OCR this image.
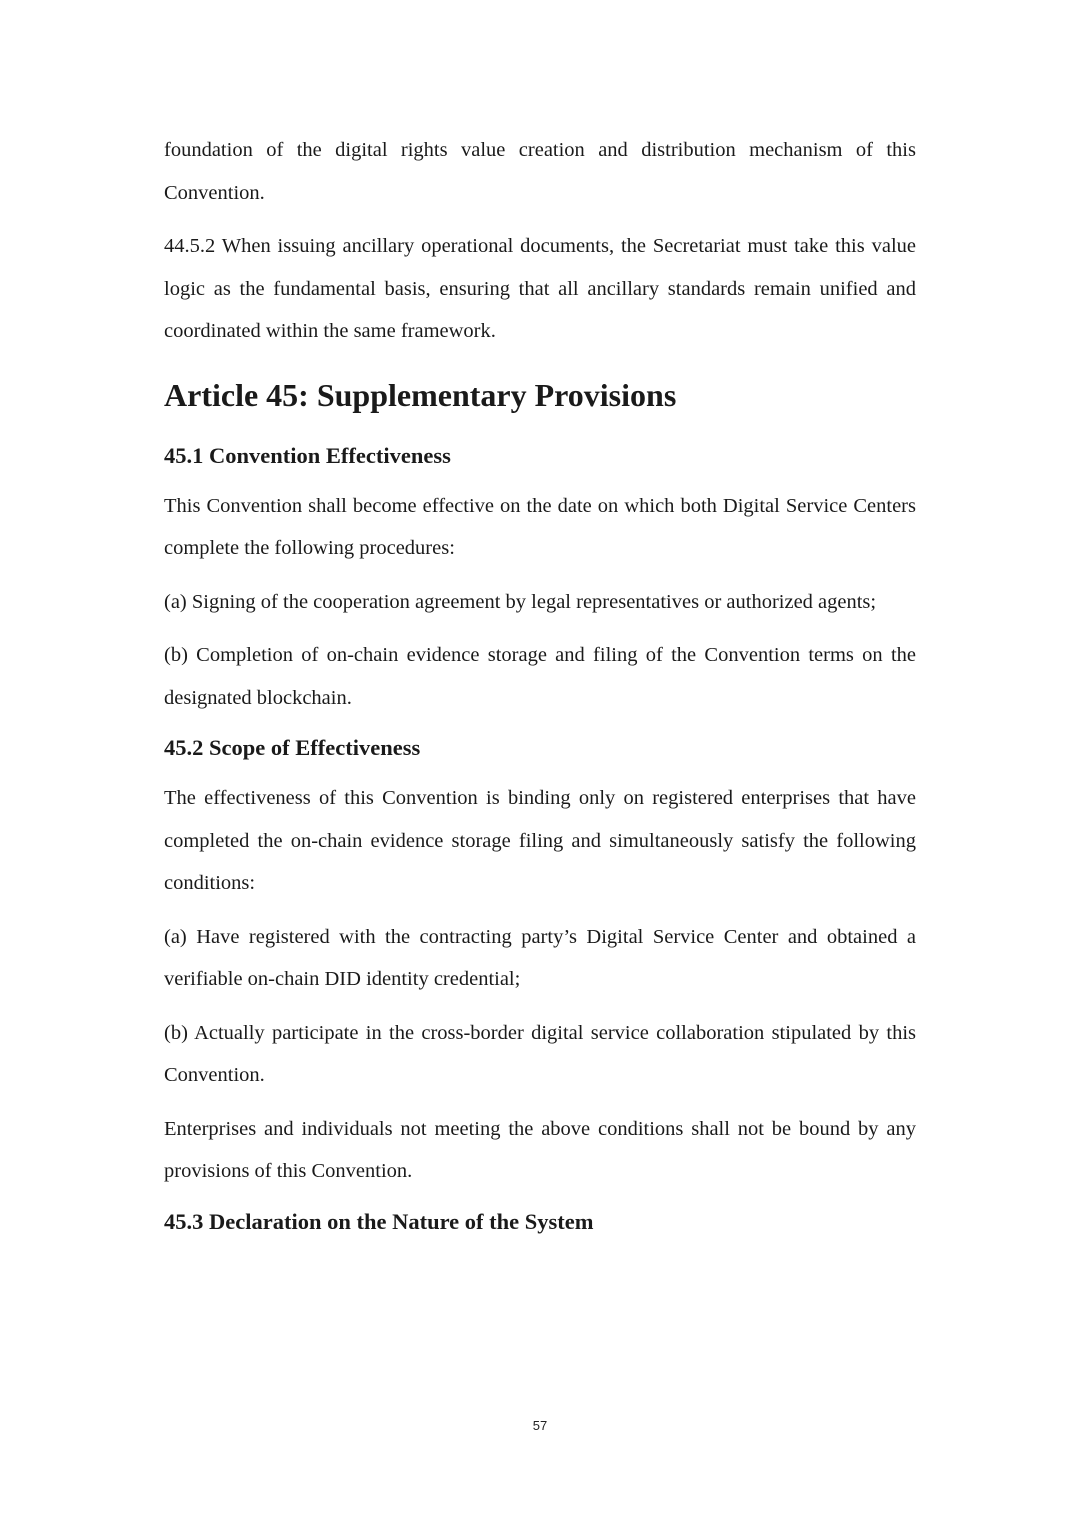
foundation of the digital rights value creation and distribution mechanism of this Convention.

44.5.2 When issuing ancillary operational documents, the Secretariat must take this value logic as the fundamental basis, ensuring that all ancillary standards remain unified and coordinated within the same framework.

Article 45: Supplementary Provisions
45.1 Convention Effectiveness

This Convention shall become effective on the date on which both Digital Service Centers complete the following procedures:

(a) Signing of the cooperation agreement by legal representatives or authorized agents;

(b) Completion of on-chain evidence storage and filing of the Convention terms on the designated blockchain.

45.2 Scope of Effectiveness

The effectiveness of this Convention is binding only on registered enterprises that have completed the on-chain evidence storage filing and simultaneously satisfy the following conditions:

(a) Have registered with the contracting party’s Digital Service Center and obtained a verifiable on-chain DID identity credential;

(b) Actually participate in the cross-border digital service collaboration stipulated by this Convention.

Enterprises and individuals not meeting the above conditions shall not be bound by any provisions of this Convention.

45.3 Declaration on the Nature of the System
57
